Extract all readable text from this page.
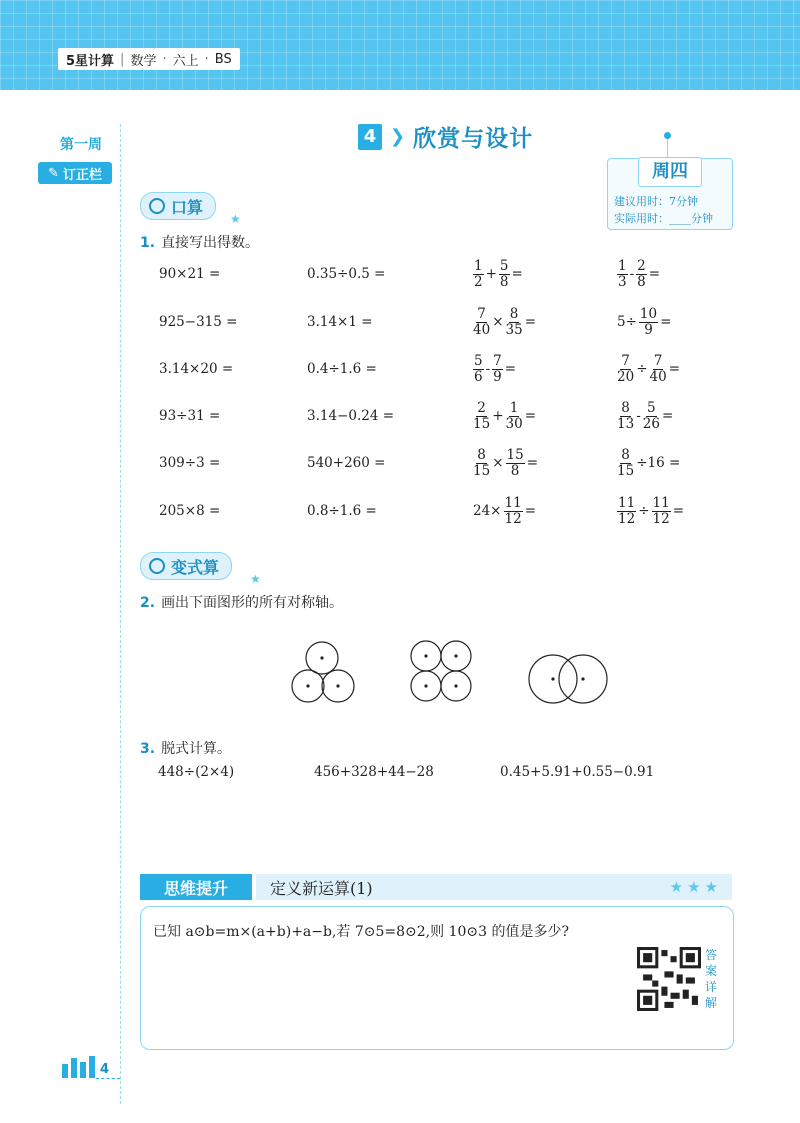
5星计算 | 数学 · 六上 · BS
第一周
✎ 订正栏
4 ❯ 欣赏与设计
周四
建议用时：7分钟
实际用时：____分钟
口算
★
1. 直接写出得数。
90×21 =	0.35÷0.5 =	$\frac{1}{2} + \frac{5}{8}$ =	$\frac{1}{3} - \frac{2}{8}$ =
925−315 =	3.14×1 =	$\frac{7}{40} \times \frac{8}{35}$ =	$5\div \frac{10}{9}$ =
3.14×20 =	0.4÷1.6 =	$\frac{5}{6} - \frac{7}{9}$ =	$\frac{7}{20} \div \frac{7}{40}$ =
93÷31 =	3.14−0.24 =	$\frac{2}{15} + \frac{1}{30}$ =	$\frac{8}{13} - \frac{5}{26}$ =
309÷3 =	540+260 =	$\frac{8}{15} \times \frac{15}{8}$ =	$\frac{8}{15} \div 16$ =
205×8 =	0.8÷1.6 =	$24\times \frac{11}{12}$ =	$\frac{11}{12} \div \frac{11}{12}$ =
变式算
★
2. 画出下面图形的所有对称轴。
3. 脱式计算。
448÷(2×4)	456+328+44−28	0.45+5.91+0.55−0.91
思维提升	定义新运算(1)	★★★
已知 a⊙b=m×(a+b)+a−b,若 7⊙5=8⊙2,则 10⊙3 的值是多少?
答案详解
4
